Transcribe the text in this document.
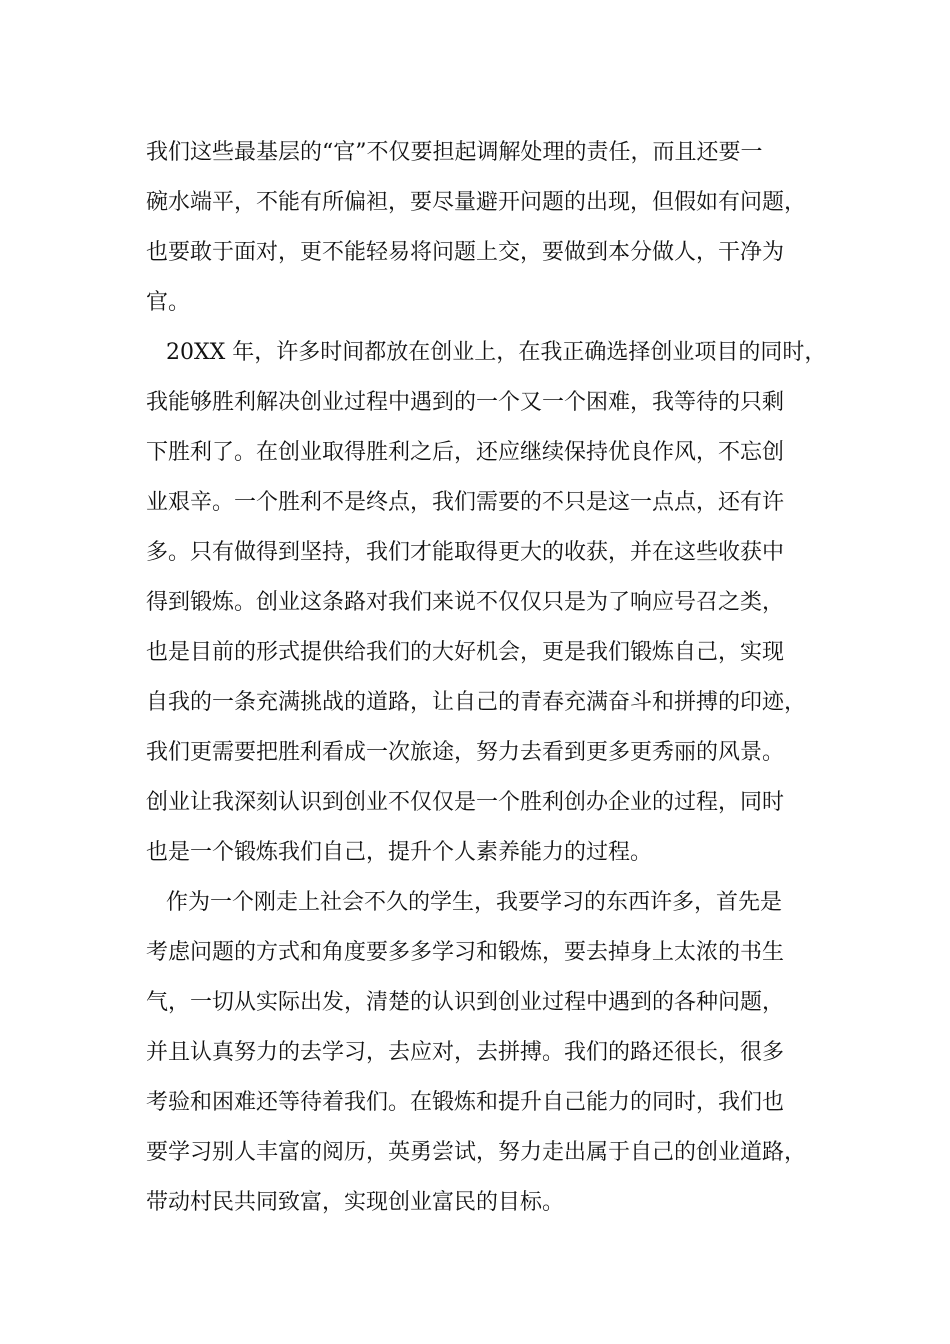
我们这些最基层的“官”不仅要担起调解处理的责任，而且还要一
碗水端平，不能有所偏袒，要尽量避开问题的出现，但假如有问题，
也要敢于面对，更不能轻易将问题上交，要做到本分做人，干净为
官。
20XX 年，许多时间都放在创业上，在我正确选择创业项目的同时，
我能够胜利解决创业过程中遇到的一个又一个困难，我等待的只剩
下胜利了。在创业取得胜利之后，还应继续保持优良作风，不忘创
业艰辛。一个胜利不是终点，我们需要的不只是这一点点，还有许
多。只有做得到坚持，我们才能取得更大的收获，并在这些收获中
得到锻炼。创业这条路对我们来说不仅仅只是为了响应号召之类，
也是目前的形式提供给我们的大好机会，更是我们锻炼自己，实现
自我的一条充满挑战的道路，让自己的青春充满奋斗和拼搏的印迹，
我们更需要把胜利看成一次旅途，努力去看到更多更秀丽的风景。
创业让我深刻认识到创业不仅仅是一个胜利创办企业的过程，同时
也是一个锻炼我们自己，提升个人素养能力的过程。
作为一个刚走上社会不久的学生，我要学习的东西许多，首先是
考虑问题的方式和角度要多多学习和锻炼，要去掉身上太浓的书生
气，一切从实际出发，清楚的认识到创业过程中遇到的各种问题，
并且认真努力的去学习，去应对，去拼搏。我们的路还很长，很多
考验和困难还等待着我们。在锻炼和提升自己能力的同时，我们也
要学习别人丰富的阅历，英勇尝试，努力走出属于自己的创业道路，
带动村民共同致富，实现创业富民的目标。
